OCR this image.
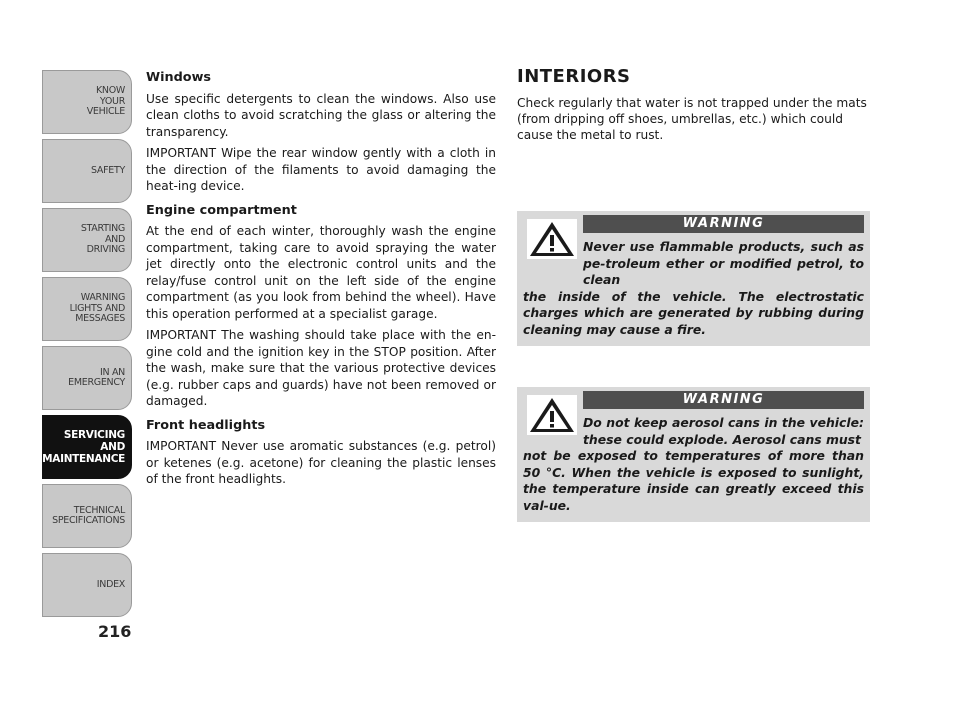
KNOW
YOUR
VEHICLE
SAFETY
STARTING
AND
DRIVING
WARNING
LIGHTS AND
MESSAGES
IN AN
EMERGENCY
SERVICING
AND
MAINTENANCE
TECHNICAL
SPECIFICATIONS
INDEX
216
Windows

Use specific detergents to clean the windows. Also use clean cloths to avoid scratching the glass or altering the transparency.

IMPORTANT Wipe the rear window gently with a cloth in the direction of the filaments to avoid damaging the heat-ing device.

Engine compartment

At the end of each winter, thoroughly wash the engine compartment, taking care to avoid spraying the water jet directly onto the electronic control units and the relay/fuse control unit on the left side of the engine compartment (as you look from behind the wheel). Have this operation performed at a specialist garage.

IMPORTANT The washing should take place with the en-gine cold and the ignition key in the STOP position. After the wash, make sure that the various protective devices (e.g. rubber caps and guards) have not been removed or damaged.

Front headlights

IMPORTANT Never use aromatic substances (e.g. petrol) or ketenes (e.g. acetone) for cleaning the plastic lenses of the front headlights.

INTERIORS

Check regularly that water is not trapped under the mats (from dripping off shoes, umbrellas, etc.) which could cause the metal to rust.

WARNING
Never use flammable products, such as pe-troleum ether or modified petrol, to clean
the inside of the vehicle. The electrostatic charges which are generated by rubbing during cleaning may cause a fire.
WARNING
Do not keep aerosol cans in the vehicle: these could explode. Aerosol cans must
not be exposed to temperatures of more than 50 °C. When the vehicle is exposed to sunlight, the temperature inside can greatly exceed this val-ue.
